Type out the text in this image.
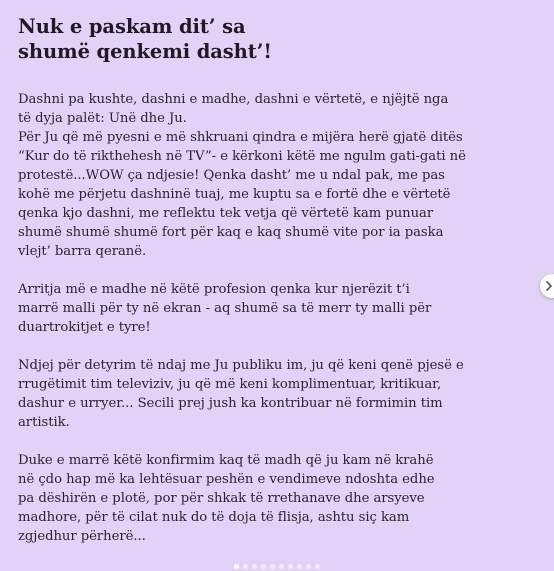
Nuk e paskam dit’ sa
shumë qenkemi dasht’!
Dashni pa kushte, dashni e madhe, dashni e vërtetë, e njëjtë nga
të dyja palët: Unë dhe Ju.
Për Ju që më pyesni e më shkruani qindra e mijëra herë gjatë ditës
“Kur do të rikthehesh në TV”- e kërkoni këtë me ngulm gati-gati në
protestë...WOW ça ndjesie! Qenka dasht’ me u ndal pak, me pas
kohë me përjetu dashninë tuaj, me kuptu sa e fortë dhe e vërtetë
qenka kjo dashni, me reflektu tek vetja që vërtetë kam punuar
shumë shumë shumë fort për kaq e kaq shumë vite por ia paska
vlejt’ barra qeranë.
Arritja më e madhe në këtë profesion qenka kur njerëzit t’i
marrë malli për ty në ekran - aq shumë sa të merr ty malli për
duartrokitjet e tyre!
Ndjej për detyrim të ndaj me Ju publiku im, ju që keni qenë pjesë e
rrugëtimit tim televiziv, ju që më keni komplimentuar, kritikuar,
dashur e urryer... Secili prej jush ka kontribuar në formimin tim
artistik.
Duke e marrë këtë konfirmim kaq të madh që ju kam në krahë
në çdo hap më ka lehtësuar peshën e vendimeve ndoshta edhe
pa dëshirën e plotë, por për shkak të rrethanave dhe arsyeve
madhore, për të cilat nuk do të doja të flisja, ashtu siç kam
zgjedhur përherë...
